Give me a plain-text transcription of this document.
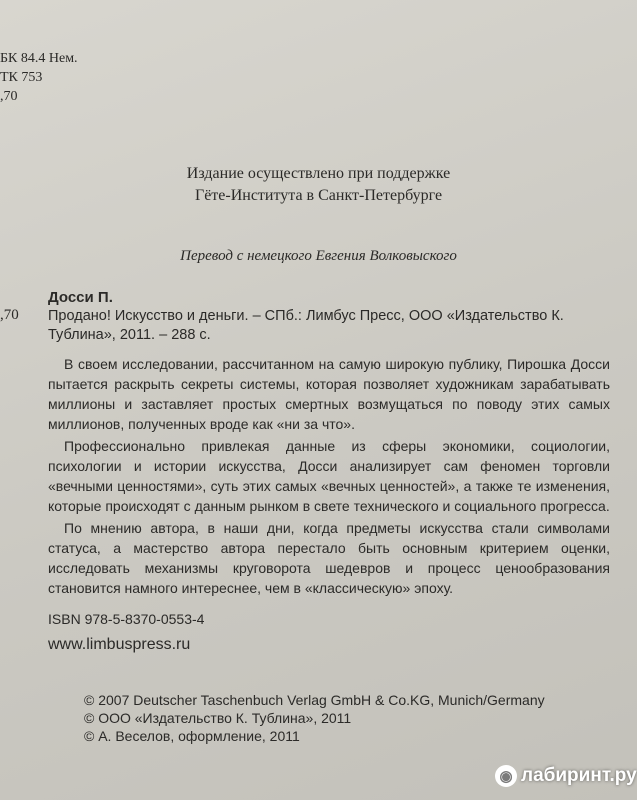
БК 84.4 Нем.
ТК 753
,70
Издание осуществлено при поддержке
Гёте-Института в Санкт-Петербурге
Перевод с немецкого Евгения Волковыского
,70
Досси П.
Продано! Искусство и деньги. – СПб.: Лимбус Пресс, ООО «Издательство К. Тублина», 2011. – 288 с.

В своем исследовании, рассчитанном на самую широкую публику, Пирошка Досси пытается раскрыть секреты системы, которая позволяет художникам зарабатывать миллионы и заставляет простых смертных возмущаться по поводу этих самых миллионов, полученных вроде как «ни за что».

Профессионально привлекая данные из сферы экономики, социологии, психологии и истории искусства, Досси анализирует сам феномен торговли «вечными ценностями», суть этих самых «вечных ценностей», а также те изменения, которые происходят с данным рынком в свете технического и социального прогресса.

По мнению автора, в наши дни, когда предметы искусства стали символами статуса, а мастерство автора перестало быть основным критерием оценки, исследовать механизмы круговорота шедевров и процесс ценообразования становится намного интереснее, чем в «классическую» эпоху.

ISBN 978-5-8370-0553-4
www.limbuspress.ru
© 2007 Deutscher Taschenbuch Verlag GmbH & Co.KG, Munich/Germany
© ООО «Издательство К. Тублина», 2011
© А. Веселов, оформление, 2011
◉ лабиринт.ру
